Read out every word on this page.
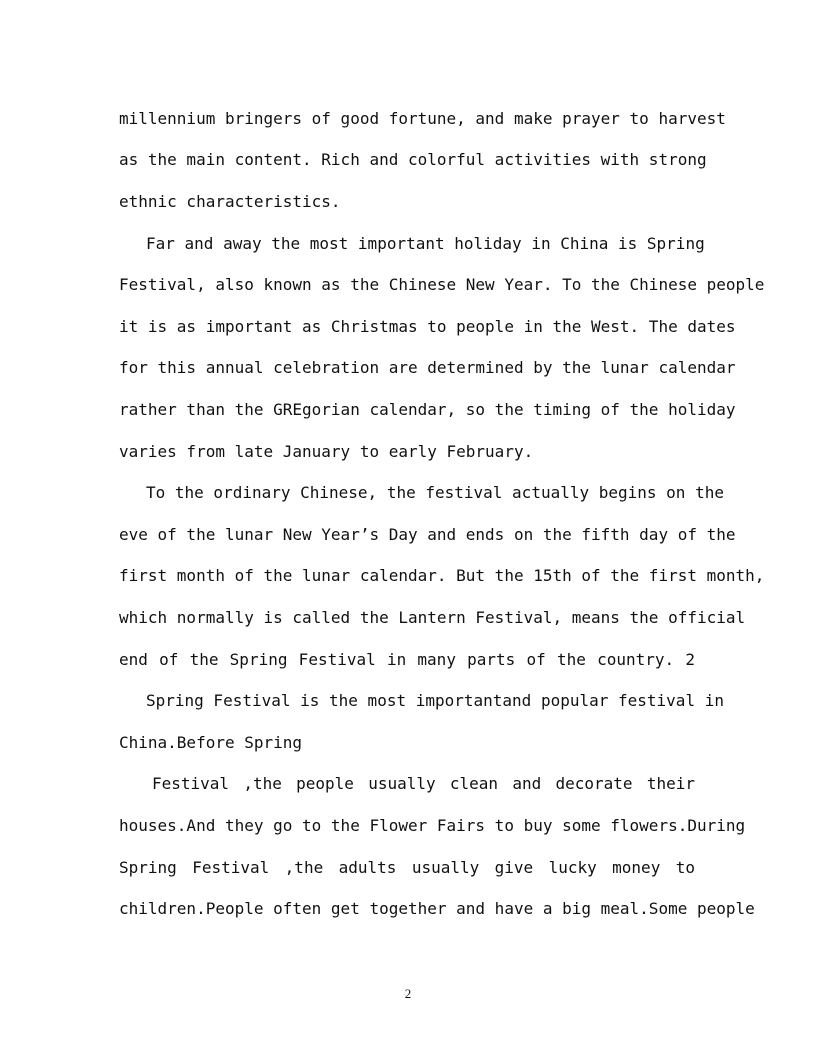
millennium bringers of good fortune, and make prayer to harvest
as the main content. Rich and colorful activities with strong
ethnic characteristics.
Far and away the most important holiday in China is Spring
Festival, also known as the Chinese New Year. To the Chinese people
it is as important as Christmas to people in the West. The dates
for this annual celebration are determined by the lunar calendar
rather than the GREgorian calendar, so the timing of the holiday
varies from late January to early February.
To the ordinary Chinese, the festival actually begins on the
eve of the lunar New Year’s Day and ends on the fifth day of the
first month of the lunar calendar. But the 15th of the first month,
which normally is called the Lantern Festival, means the official
end of the Spring Festival in many parts of the country. 2
Spring Festival is the most importantand popular festival in
China.Before Spring
Festival ,the people usually clean and decorate their
houses.And they go to the Flower Fairs to buy some flowers.During
Spring Festival ,the adults usually give lucky money to
children.People often get together and have a big meal.Some people
2
